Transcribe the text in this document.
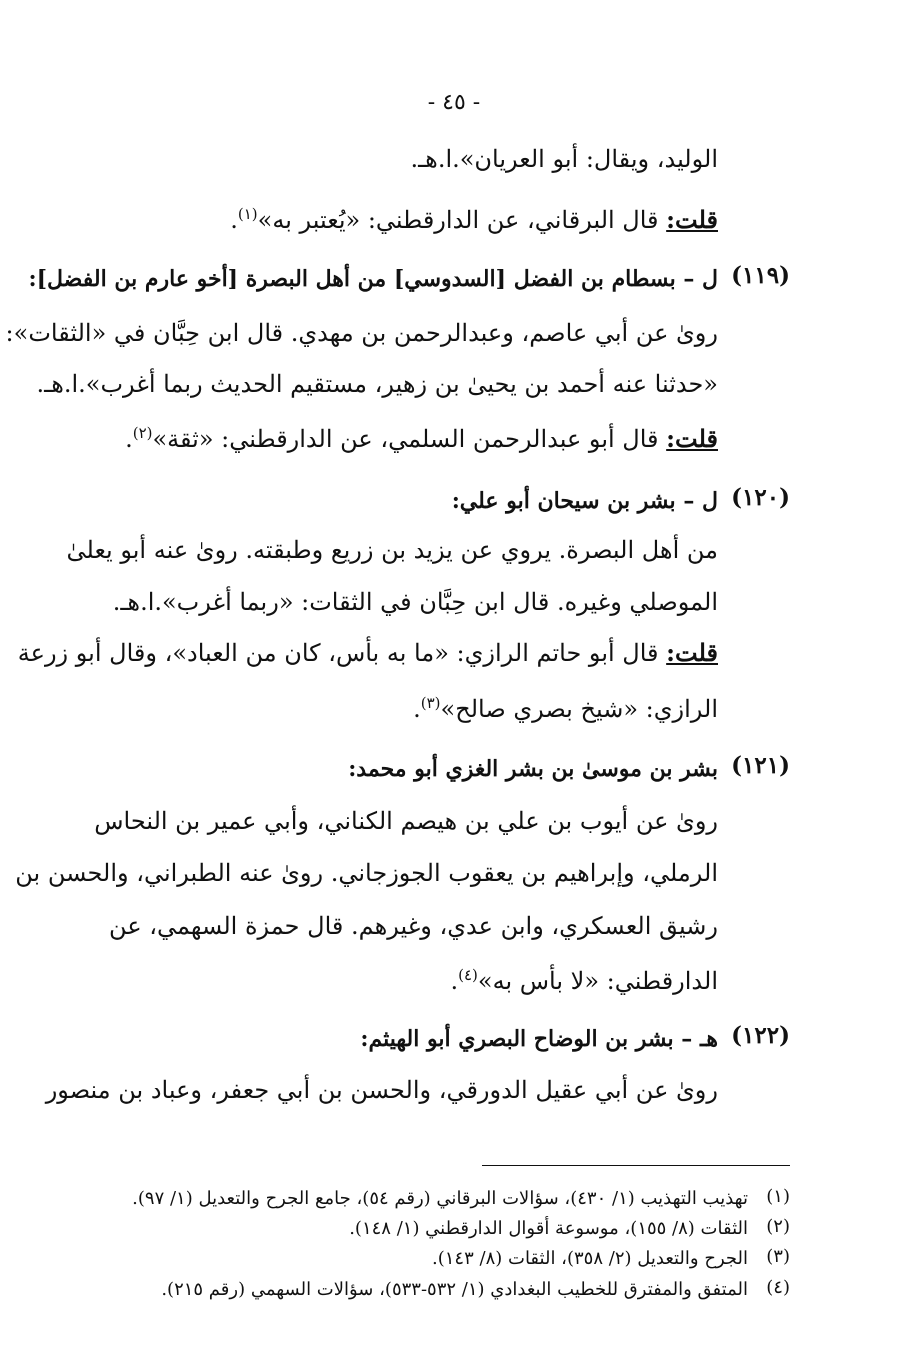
- ٤٥ -
الوليد، ويقال: أبو العريان».ا.هـ.
قلت: قال البرقاني، عن الدارقطني: «يُعتبر به»$^{(١)}$.
(١١٩)
ل – بسطام بن الفضل [السدوسي] من أهل البصرة [أخو عارم بن الفضل]:
روىٰ عن أبي عاصم، وعبدالرحمن بن مهدي. قال ابن حِبَّان في «الثقات»:
«حدثنا عنه أحمد بن يحيىٰ بن زهير، مستقيم الحديث ربما أغرب».ا.هـ.
قلت: قال أبو عبدالرحمن السلمي، عن الدارقطني: «ثقة»$^{(٢)}$.
(١٢٠)
ل – بشر بن سيحان أبو علي:
من أهل البصرة. يروي عن يزيد بن زريع وطبقته. روىٰ عنه أبو يعلىٰ
الموصلي وغيره. قال ابن حِبَّان في الثقات: «ربما أغرب».ا.هـ.
قلت: قال أبو حاتم الرازي: «ما به بأس، كان من العباد»، وقال أبو زرعة
الرازي: «شيخ بصري صالح»$^{(٣)}$.
(١٢١)
بشر بن موسىٰ بن بشر الغزي أبو محمد:
روىٰ عن أيوب بن علي بن هيصم الكناني، وأبي عمير بن النحاس
الرملي، وإبراهيم بن يعقوب الجوزجاني. روىٰ عنه الطبراني، والحسن بن
رشيق العسكري، وابن عدي، وغيرهم. قال حمزة السهمي، عن
الدارقطني: «لا بأس به»$^{(٤)}$.
(١٢٢)
هـ – بشر بن الوضاح البصري أبو الهيثم:
روىٰ عن أبي عقيل الدورقي، والحسن بن أبي جعفر، وعباد بن منصور
(١)
تهذيب التهذيب (١/ ٤٣٠)، سؤالات البرقاني (رقم ٥٤)، جامع الجرح والتعديل (١/ ٩٧).
(٢)
الثقات (٨/ ١٥٥)، موسوعة أقوال الدارقطني (١/ ١٤٨).
(٣)
الجرح والتعديل (٢/ ٣٥٨)، الثقات (٨/ ١٤٣).
(٤)
المتفق والمفترق للخطيب البغدادي (١/ ٥٣٢-٥٣٣)، سؤالات السهمي (رقم ٢١٥).
